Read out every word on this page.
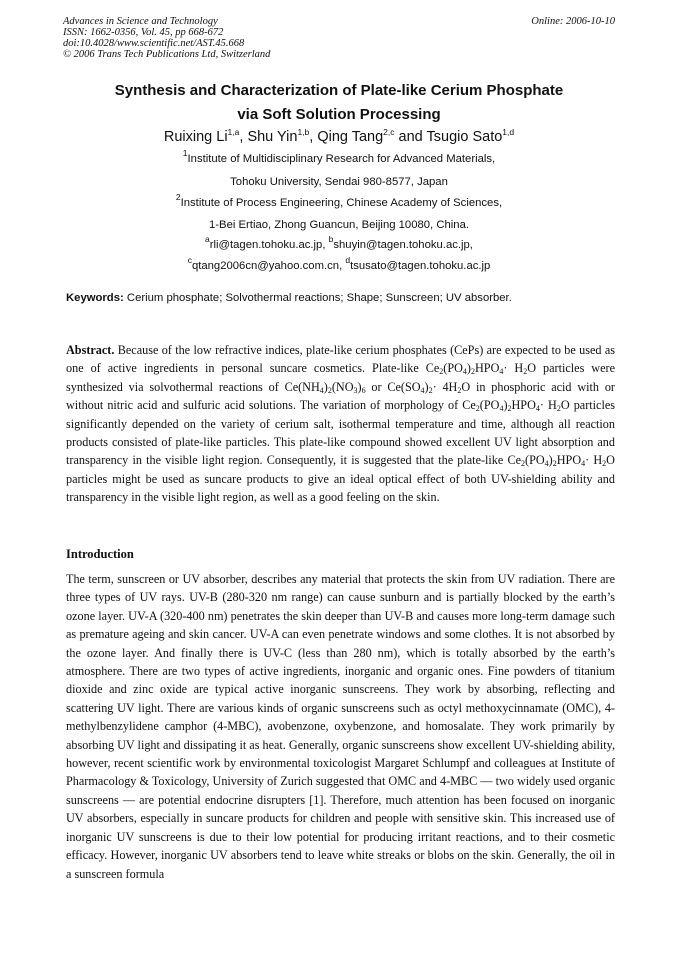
Advances in Science and Technology
ISSN: 1662-0356, Vol. 45, pp 668-672
doi:10.4028/www.scientific.net/AST.45.668
© 2006 Trans Tech Publications Ltd, Switzerland
Online: 2006-10-10
Synthesis and Characterization of Plate-like Cerium Phosphate
via Soft Solution Processing
Ruixing Li$^{1,a}$, Shu Yin$^{1,b}$, Qing Tang$^{2,c}$ and Tsugio Sato$^{1,d}$
$^1$Institute of Multidisciplinary Research for Advanced Materials,
Tohoku University, Sendai 980-8577, Japan
$^2$Institute of Process Engineering, Chinese Academy of Sciences,
1-Bei Ertiao, Zhong Guancun, Beijing 10080, China.
$^a$rli@tagen.tohoku.ac.jp, $^b$shuyin@tagen.tohoku.ac.jp,
$^c$qtang2006cn@yahoo.com.cn, $^d$tsusato@tagen.tohoku.ac.jp
Keywords: Cerium phosphate; Solvothermal reactions; Shape; Sunscreen; UV absorber.
Abstract. Because of the low refractive indices, plate-like cerium phosphates (CePs) are expected to be used as one of active ingredients in personal suncare cosmetics. Plate-like $Ce_2(PO_4)_2HPO_4\cdot H_2O$ particles were synthesized via solvothermal reactions of $Ce(NH_4)_2(NO_3)_6$ or $Ce(SO_4)_2\cdot 4H_2O$ in phosphoric acid with or without nitric acid and sulfuric acid solutions. The variation of morphology of $Ce_2(PO_4)_2HPO_4\cdot H_2O$ particles significantly depended on the variety of cerium salt, isothermal temperature and time, although all reaction products consisted of plate-like particles. This plate-like compound showed excellent UV light absorption and transparency in the visible light region. Consequently, it is suggested that the plate-like $Ce_2(PO_4)_2HPO_4\cdot H_2O$ particles might be used as suncare products to give an ideal optical effect of both UV-shielding ability and transparency in the visible light region, as well as a good feeling on the skin.
Introduction
The term, sunscreen or UV absorber, describes any material that protects the skin from UV radiation. There are three types of UV rays. UV-B (280-320 nm range) can cause sunburn and is partially blocked by the earth’s ozone layer. UV-A (320-400 nm) penetrates the skin deeper than UV-B and causes more long-term damage such as premature ageing and skin cancer. UV-A can even penetrate windows and some clothes. It is not absorbed by the ozone layer. And finally there is UV-C (less than 280 nm), which is totally absorbed by the earth’s atmosphere. There are two types of active ingredients, inorganic and organic ones. Fine powders of titanium dioxide and zinc oxide are typical active inorganic sunscreens. They work by absorbing, reflecting and scattering UV light. There are various kinds of organic sunscreens such as octyl methoxycinnamate (OMC), 4-methylbenzylidene camphor (4-MBC), avobenzone, oxybenzone, and homosalate. They work primarily by absorbing UV light and dissipating it as heat. Generally, organic sunscreens show excellent UV-shielding ability, however, recent scientific work by environmental toxicologist Margaret Schlumpf and colleagues at Institute of Pharmacology & Toxicology, University of Zurich suggested that OMC and 4-MBC — two widely used organic sunscreens — are potential endocrine disrupters [1]. Therefore, much attention has been focused on inorganic UV absorbers, especially in suncare products for children and people with sensitive skin. This increased use of inorganic UV sunscreens is due to their low potential for producing irritant reactions, and to their cosmetic efficacy. However, inorganic UV absorbers tend to leave white streaks or blobs on the skin. Generally, the oil in a sunscreen formula
